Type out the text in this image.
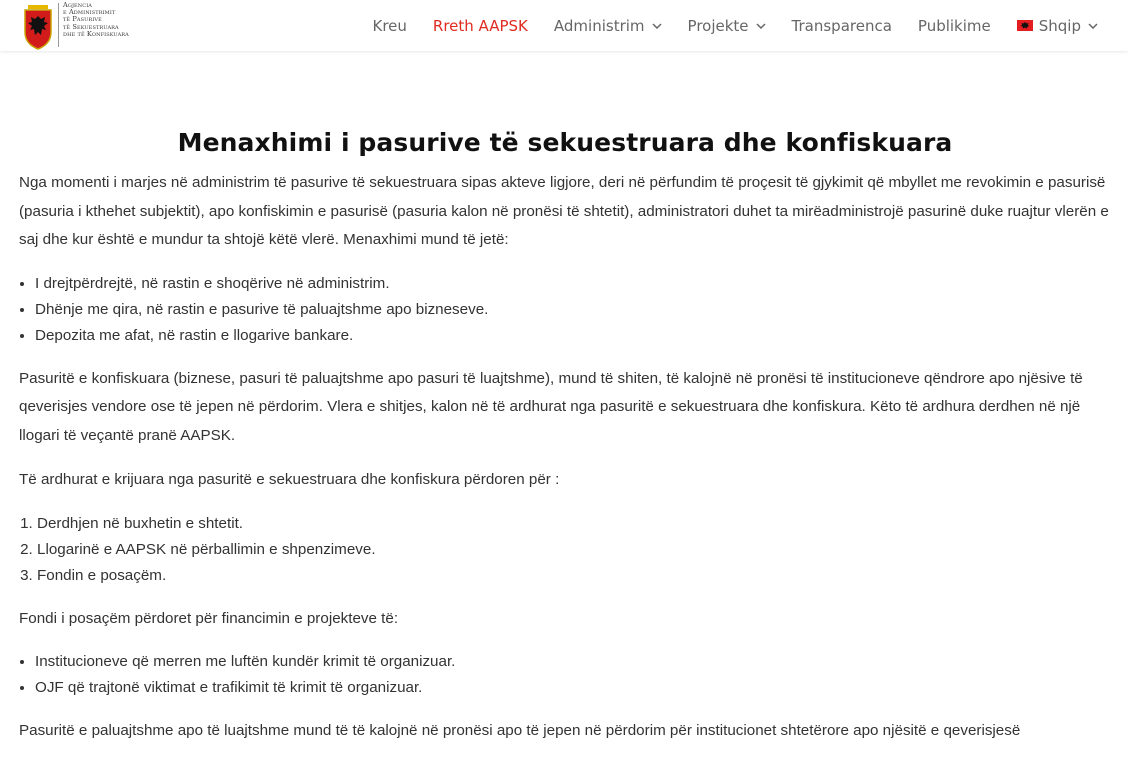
Agjencia
e Administrimit
të Pasurive
të Sekuestruara
dhe të Konfiskuara	Kreu Rreth AAPSK Administrim	Projekte	Transparenca Publikime	Shqip
Menaxhimi i pasurive të sekuestruara dhe konfiskuara

Nga momenti i marjes në administrim të pasurive të sekuestruara sipas akteve ligjore, deri në përfundim të proçesit të gjykimit që mbyllet me revokimin e pasurisë (pasuria i kthehet subjektit), apo konfiskimin e pasurisë (pasuria kalon në pronësi të shtetit), administratori duhet ta mirëadministrojë pasurinë duke ruajtur vlerën e saj dhe kur është e mundur ta shtojë këtë vlerë. Menaxhimi mund të jetë:

• I drejtpërdrejtë, në rastin e shoqërive në administrim.
• Dhënje me qira, në rastin e pasurive të paluajtshme apo bizneseve.
• Depozita me afat, në rastin e llogarive bankare.

Pasuritë e konfiskuara (biznese, pasuri të paluajtshme apo pasuri të luajtshme), mund të shiten, të kalojnë në pronësi të institucioneve qëndrore apo njësive të qeverisjes vendore ose të jepen në përdorim. Vlera e shitjes, kalon në të ardhurat nga pasuritë e sekuestruara dhe konfiskura. Këto të ardhura derdhen në një llogari të veçantë pranë AAPSK.

Të ardhurat e krijuara nga pasuritë e sekuestruara dhe konfiskura përdoren për :

1. Derdhjen në buxhetin e shtetit.
2. Llogarinë e AAPSK në përballimin e shpenzimeve.
3. Fondin e posaçëm.

Fondi i posaçëm përdoret për financimin e projekteve të:

• Institucioneve që merren me luftën kundër krimit të organizuar.
• OJF që trajtonë viktimat e trafikimit të krimit të organizuar.

Pasuritë e paluajtshme apo të luajtshme mund të të kalojnë në pronësi apo të jepen në përdorim për institucionet shtetërore apo njësitë e qeverisjesë
